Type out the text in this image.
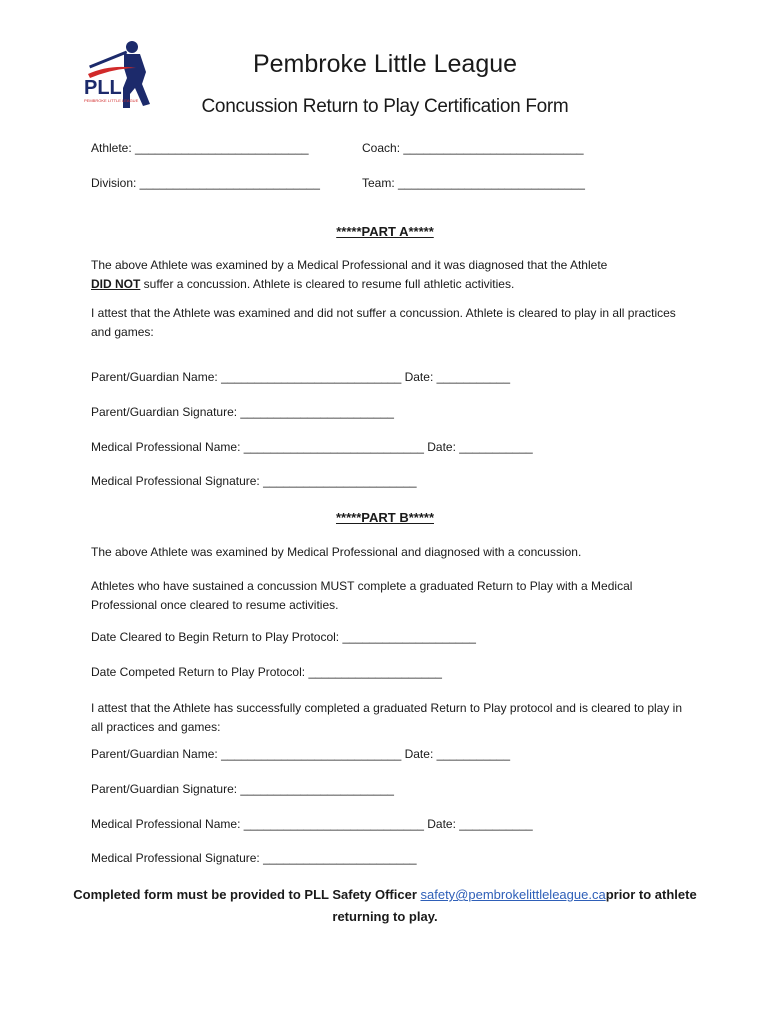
PLL
PEMBROKE LITTLE LEAGUE
Pembroke Little League
Concussion Return to Play Certification Form
Athlete: __________________________	Coach: ___________________________
Division: ___________________________	Team: ____________________________
*****PART A*****
The above Athlete was examined by a Medical Professional and it was diagnosed that the Athlete
DID NOT suffer a concussion. Athlete is cleared to resume full athletic activities.
I attest that the Athlete was examined and did not suffer a concussion. Athlete is cleared to play in all practices and games:
Parent/Guardian Name: ___________________________ Date: ___________
Parent/Guardian Signature: _______________________
Medical Professional Name: ___________________________ Date: ___________
Medical Professional Signature: _______________________
*****PART B*****
The above Athlete was examined by Medical Professional and diagnosed with a concussion.
Athletes who have sustained a concussion MUST complete a graduated Return to Play with a Medical Professional once cleared to resume activities.
Date Cleared to Begin Return to Play Protocol: ____________________
Date Competed Return to Play Protocol: ____________________
I attest that the Athlete has successfully completed a graduated Return to Play protocol and is cleared to play in all practices and games:
Parent/Guardian Name: ___________________________ Date: ___________
Parent/Guardian Signature: _______________________
Medical Professional Name: ___________________________ Date: ___________
Medical Professional Signature: _______________________
Completed form must be provided to PLL Safety Officer safety@pembrokelittleleague.caprior to athlete returning to play.
